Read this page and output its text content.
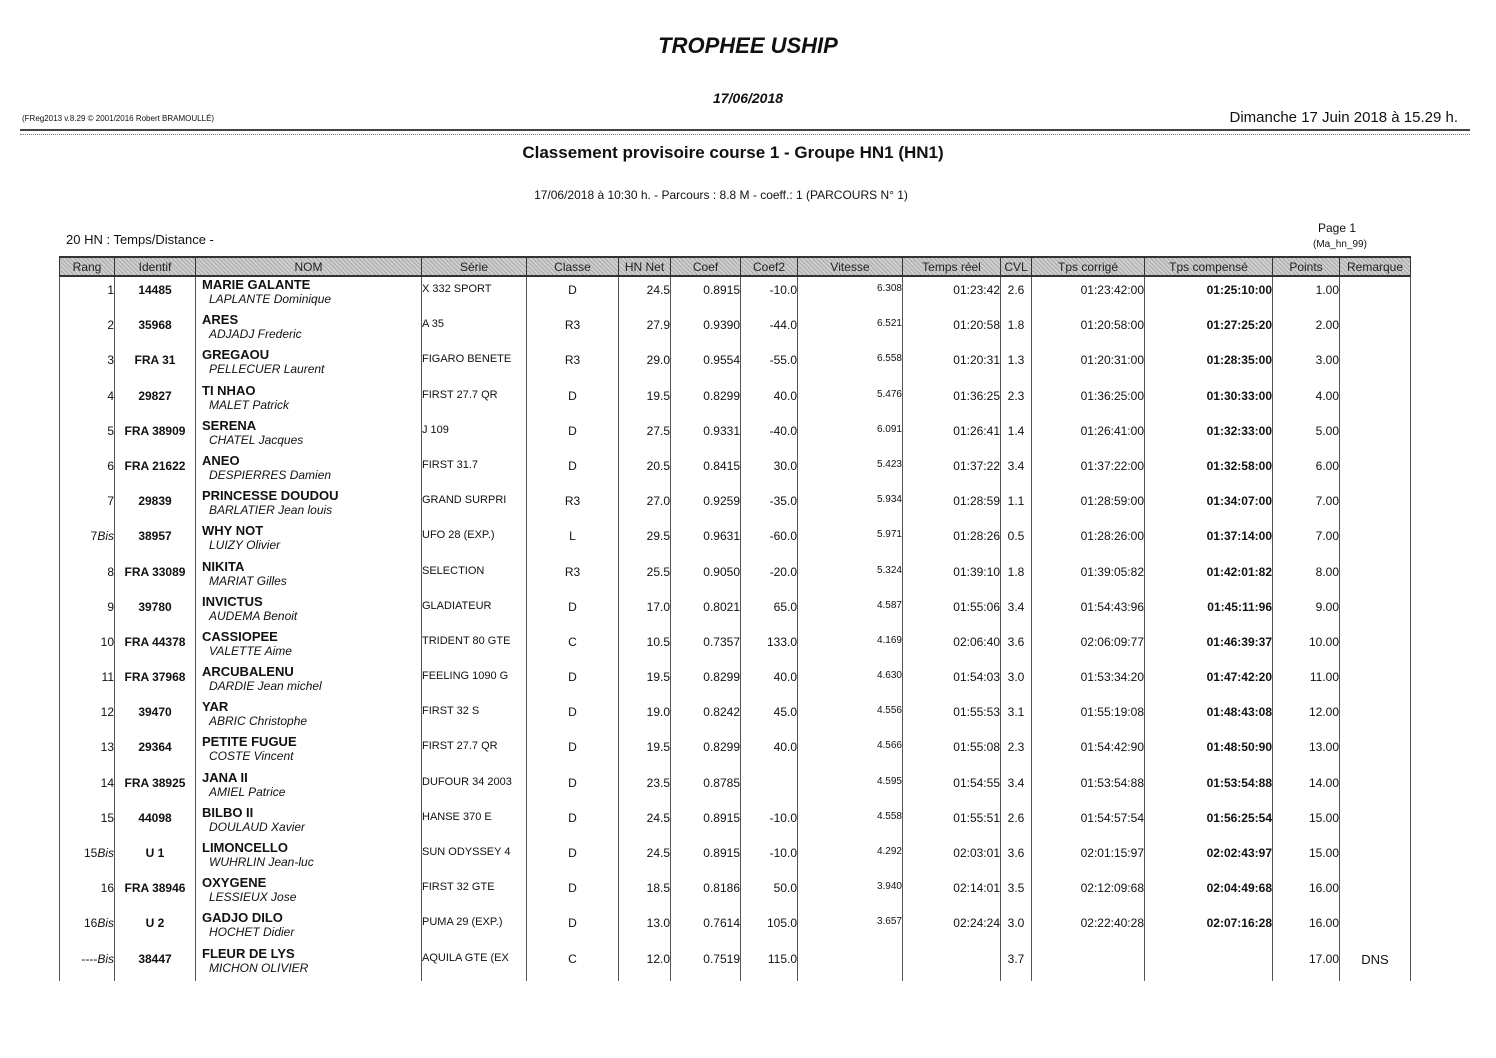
TROPHEE USHIP
17/06/2018
(FReg2013 v.8.29 © 2001/2016 Robert BRAMOULLÉ)	Dimanche 17 Juin 2018 à 15.29 h.
Classement provisoire course 1 - Groupe HN1 (HN1)
17/06/2018 à 10:30 h. - Parcours : 8.8 M - coeff.: 1 (PARCOURS N° 1)
20 HN : Temps/Distance -
Page 1
(Ma_hn_99)
Rang	Identif	NOM	Série	Classe	HN Net	Coef	Coef2	Vitesse	Temps réel	CVL	Tps corrigé	Tps compensé	Points	Remarque

1	14485	MARIE GALANTE
LAPLANTE Dominique	X 332 SPORT	D	24.5	0.8915	-10.0	6.308	01:23:42	2.6	01:23:42:00	01:25:10:00	1.00	

2	35968	ARES
ADJADJ Frederic	A 35	R3	27.9	0.9390	-44.0	6.521	01:20:58	1.8	01:20:58:00	01:27:25:20	2.00	

3	FRA 31	GREGAOU
PELLECUER Laurent	FIGARO BENETE	R3	29.0	0.9554	-55.0	6.558	01:20:31	1.3	01:20:31:00	01:28:35:00	3.00	

4	29827	TI NHAO
MALET Patrick	FIRST 27.7 QR	D	19.5	0.8299	40.0	5.476	01:36:25	2.3	01:36:25:00	01:30:33:00	4.00	

5	FRA 38909	SERENA
CHATEL Jacques	J 109	D	27.5	0.9331	-40.0	6.091	01:26:41	1.4	01:26:41:00	01:32:33:00	5.00	

6	FRA 21622	ANEO
DESPIERRES Damien	FIRST 31.7	D	20.5	0.8415	30.0	5.423	01:37:22	3.4	01:37:22:00	01:32:58:00	6.00	

7	29839	PRINCESSE DOUDOU
BARLATIER Jean louis	GRAND SURPRI	R3	27.0	0.9259	-35.0	5.934	01:28:59	1.1	01:28:59:00	01:34:07:00	7.00	

7Bis	38957	WHY NOT
LUIZY Olivier	UFO 28 (EXP.)	L	29.5	0.9631	-60.0	5.971	01:28:26	0.5	01:28:26:00	01:37:14:00	7.00	

8	FRA 33089	NIKITA
MARIAT Gilles	SELECTION	R3	25.5	0.9050	-20.0	5.324	01:39:10	1.8	01:39:05:82	01:42:01:82	8.00	

9	39780	INVICTUS
AUDEMA Benoit	GLADIATEUR	D	17.0	0.8021	65.0	4.587	01:55:06	3.4	01:54:43:96	01:45:11:96	9.00	

10	FRA 44378	CASSIOPEE
VALETTE Aime	TRIDENT 80 GTE	C	10.5	0.7357	133.0	4.169	02:06:40	3.6	02:06:09:77	01:46:39:37	10.00	

11	FRA 37968	ARCUBALENU
DARDIE Jean michel	FEELING 1090 G	D	19.5	0.8299	40.0	4.630	01:54:03	3.0	01:53:34:20	01:47:42:20	11.00	

12	39470	YAR
ABRIC Christophe	FIRST 32 S	D	19.0	0.8242	45.0	4.556	01:55:53	3.1	01:55:19:08	01:48:43:08	12.00	

13	29364	PETITE FUGUE
COSTE Vincent	FIRST 27.7 QR	D	19.5	0.8299	40.0	4.566	01:55:08	2.3	01:54:42:90	01:48:50:90	13.00	

14	FRA 38925	JANA II
AMIEL Patrice	DUFOUR 34 2003	D	23.5	0.8785		4.595	01:54:55	3.4	01:53:54:88	01:53:54:88	14.00	

15	44098	BILBO II
DOULAUD Xavier	HANSE 370 E	D	24.5	0.8915	-10.0	4.558	01:55:51	2.6	01:54:57:54	01:56:25:54	15.00	

15Bis	U 1	LIMONCELLO
WUHRLIN Jean-luc	SUN ODYSSEY 4	D	24.5	0.8915	-10.0	4.292	02:03:01	3.6	02:01:15:97	02:02:43:97	15.00	

16	FRA 38946	OXYGENE
LESSIEUX Jose	FIRST 32 GTE	D	18.5	0.8186	50.0	3.940	02:14:01	3.5	02:12:09:68	02:04:49:68	16.00	

16Bis	U 2	GADJO DILO
HOCHET Didier	PUMA 29 (EXP.)	D	13.0	0.7614	105.0	3.657	02:24:24	3.0	02:22:40:28	02:07:16:28	16.00	

----Bis	38447	FLEUR DE LYS
MICHON OLIVIER	AQUILA GTE (EX	C	12.0	0.7519	115.0			3.7			17.00	DNS
